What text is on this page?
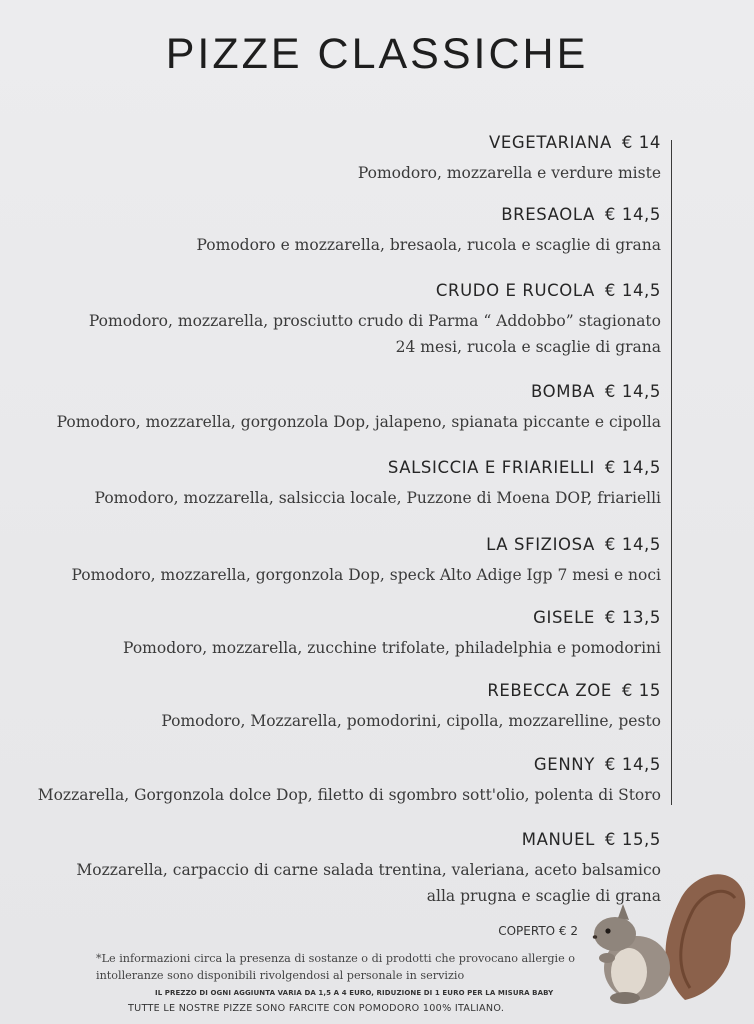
PIZZE CLASSICHE
VEGETARIANA € 14
Pomodoro, mozzarella e verdure miste
BRESAOLA € 14,5
Pomodoro e mozzarella, bresaola, rucola e scaglie di grana
CRUDO E RUCOLA € 14,5
Pomodoro, mozzarella, prosciutto crudo di Parma “ Addobbo” stagionato
24 mesi, rucola e scaglie di grana
BOMBA € 14,5
Pomodoro, mozzarella, gorgonzola Dop, jalapeno, spianata piccante e cipolla
SALSICCIA E FRIARIELLI € 14,5
Pomodoro, mozzarella, salsiccia locale, Puzzone di Moena DOP, friarielli
LA SFIZIOSA € 14,5
Pomodoro, mozzarella, gorgonzola Dop, speck Alto Adige Igp 7 mesi e noci
GISELE € 13,5
Pomodoro, mozzarella, zucchine trifolate, philadelphia e pomodorini
REBECCA ZOE € 15
Pomodoro, Mozzarella, pomodorini, cipolla, mozzarelline, pesto
GENNY € 14,5
Mozzarella, Gorgonzola dolce Dop, filetto di sgombro sott'olio, polenta di Storo
MANUEL € 15,5
Mozzarella, carpaccio di carne salada trentina, valeriana, aceto balsamico
alla prugna e scaglie di grana
COPERTO € 2
*Le informazioni circa la presenza di sostanze o di prodotti che provocano allergie o
intolleranze sono disponibili rivolgendosi al personale in servizio
IL PREZZO DI OGNI AGGIUNTA VARIA DA 1,5 A 4 EURO, RIDUZIONE DI 1 EURO PER LA MISURA BABY
TUTTE LE NOSTRE PIZZE SONO FARCITE CON POMODORO 100% ITALIANO.
